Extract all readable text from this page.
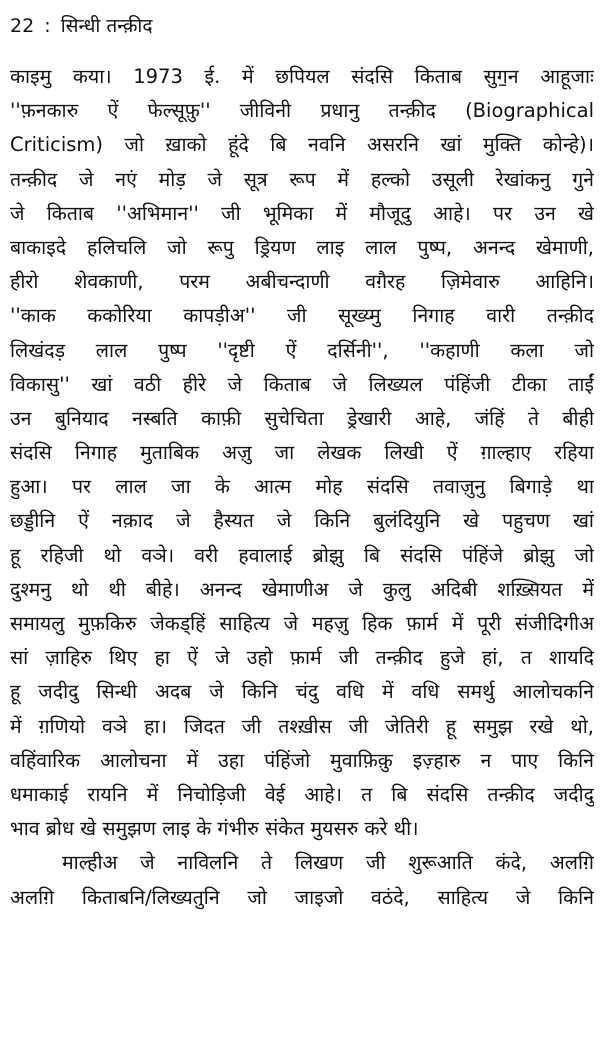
22 : सिन्धी तन्क़ीद
काइमु कया। 1973 ई. में छपियल संदसि किताब सुग॒न आहूजाः
''फ़नकारु ऐं फेल्सूफ़ु'' जीविनी प्रधानु तन्क़ीद (Biographical
Criticism) जो ख़ाको हूंदे बि नवनि असरनि खां मुक्ति कोन्हे)।
तन्क़ीद जे नएं मोड़ जे सूत्र रूप में हल्को उसूली रेखांकनु गुने
जे किताब ''अभिमान'' जी भूमिका में मौजूदु आहे। पर उन खे
बाकाइदे हलिचलि जो रूपु ड्रियण लाइ लाल पुष्प, अनन्द खेमाणी,
हीरो शेवकाणी, परम अबीचन्दाणी वग़ैरह ज़िमेवारु आहिनि।
''काक ककोरिया कापड़ीअ'' जी सूख्य्मु निगाह वारी तन्क़ीद
लिखंदड़ लाल पुष्प ''दृष्टी ऐं दर्सिनी'', ''कहाणी कला जो
विकासु'' खां वठी हीरे जे किताब जे लिख्यल पंहिंजी टीका ताईं
उन बुनियाद नस्बति काफ़ी सुचेचिता ड्रेखारी आहे, जंहिं ते बीही
संदसि निगाह मुताबिक अज़ु जा लेखक लिखी ऐं ग़ाल्हाए रहिया
हुआ। पर लाल जा के आत्म मोह संदसि तवाज़ुनु बिगाड़े था
छड्डीनि ऐं नक़ाद जे हैस्यत जे किनि बुलंदियुनि खे पहुचण खां
हू रहिजी थो वञे। वरी हवालाई ब्रोझु बि संदसि पंहिंजे ब्रोझु जो
दुश्मनु थो थी बीहे। अनन्द खेमाणीअ जे कुलु अदिबी शख़्सियत में
समायलु मुफ़किरु जेकड्हिं साहित्य जे महज़ु हिक फ़ार्म में पूरी संजीदिगीअ
सां ज़ाहिरु थिए हा ऐं जे उहो फ़ार्म जी तन्क़ीद हुजे हां, त शायदि
हू जदीदु सिन्धी अदब जे किनि चंदु वधि में वधि समर्थु आलोचकनि
में ग़णियो वञे हा। जिदत जी तश्ख़ीस जी जेतिरी हू समुझ रखे थो,
वहिंवारिक आलोचना में उहा पंहिंजो मुवाफ़िक़ु इज़्हारु न पाए किनि
धमाकाई रायनि में निचोड़िजी वेई आहे। त बि संदसि तन्क़ीद जदीदु
भाव ब्रोध खे समुझण लाइ के गंभीरु संकेत मुयसरु करे थी।
माल्हीअ जे नाविलनि ते लिखण जी शुरूआति कंदे, अलग़ि
अलग़ि किताबनि/लिख्यतुनि जो जाइजो वठंदे, साहित्य जे किनि
